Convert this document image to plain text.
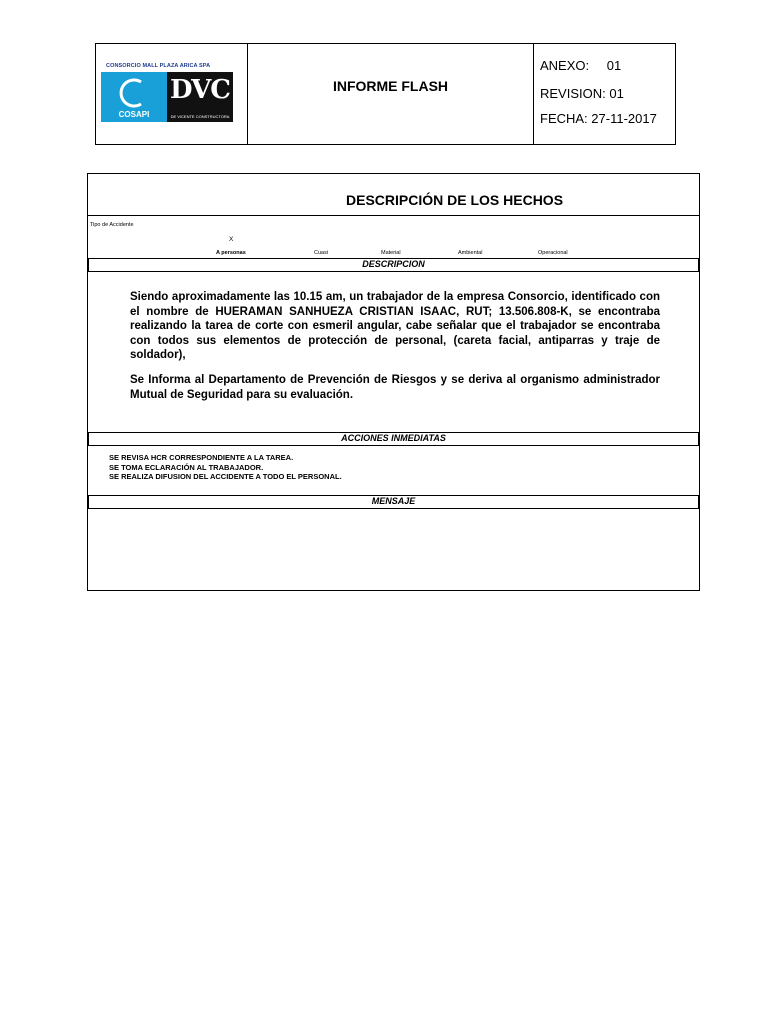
CONSORCIO MALL PLAZA ARICA SPA
COSAPI
DVC
DE VICENTE CONSTRUCTORA
INFORME FLASH
ANEXO: 01
REVISION: 01
FECHA: 27-11-2017
DESCRIPCIÓN DE LOS HECHOS
Tipo de Accidente
X
A personas	Cuasi	Material	Ambiental	Operacional
DESCRIPCION

Siendo aproximadamente las 10.15 am, un trabajador de la empresa Consorcio, identificado con el nombre de HUERAMAN SANHUEZA CRISTIAN ISAAC, RUT; 13.506.808-K, se encontraba realizando la tarea de corte con esmeril angular, cabe señalar que el trabajador se encontraba con todos sus elementos de protección de personal, (careta facial, antiparras y traje de soldador),

Se Informa al Departamento de Prevención de Riesgos y se deriva al organismo administrador Mutual de Seguridad para su evaluación.

ACCIONES INMEDIATAS
SE REVISA HCR CORRESPONDIENTE A LA TAREA.
SE TOMA ECLARACIÓN AL TRABAJADOR.
SE REALIZA DIFUSION DEL ACCIDENTE A TODO EL PERSONAL.
MENSAJE
